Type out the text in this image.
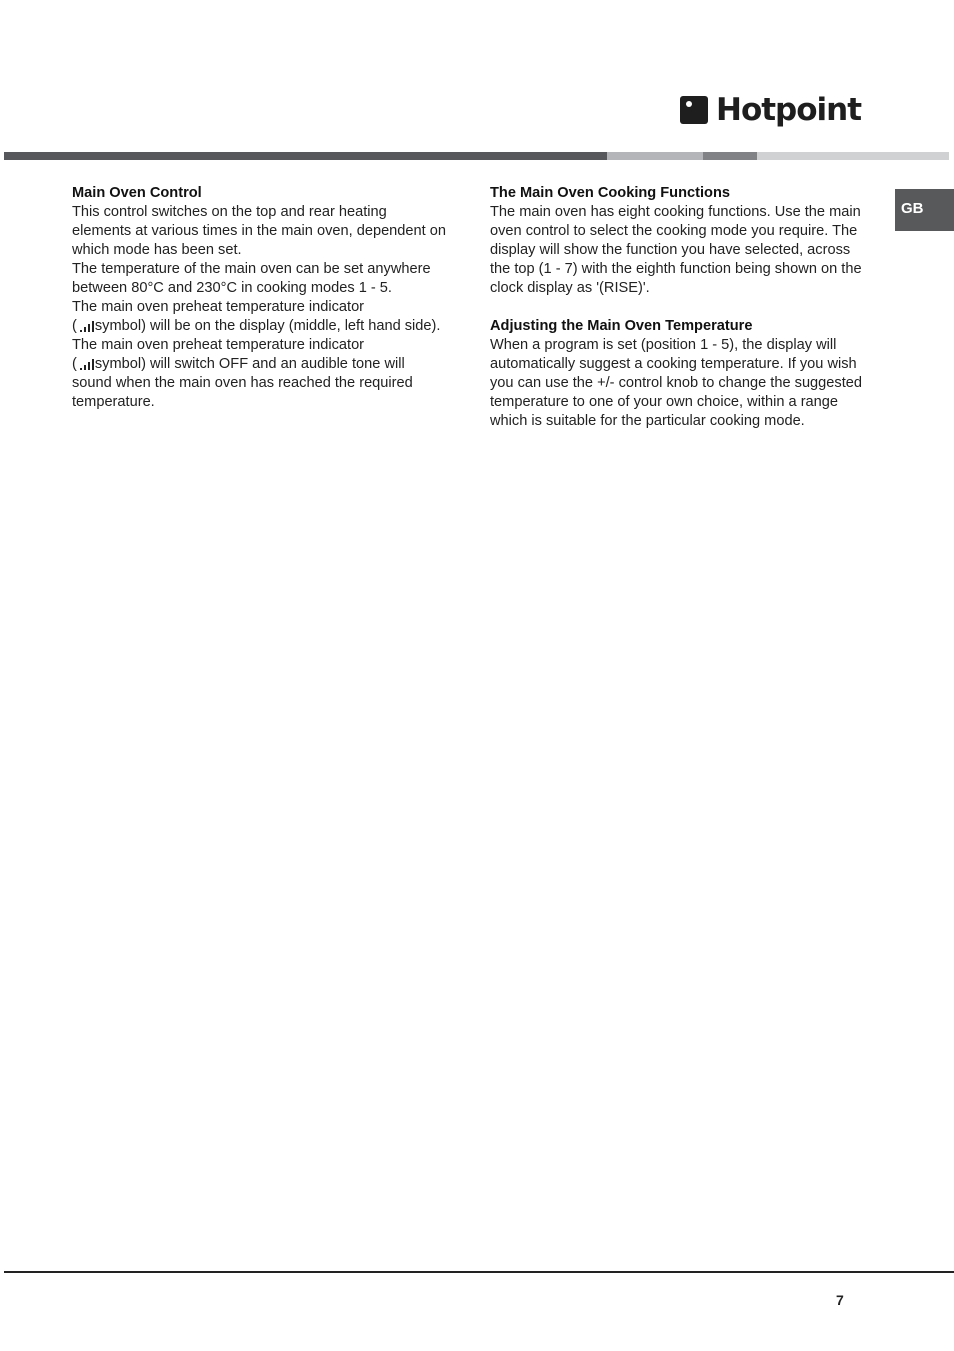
Hotpoint
GB
Main Oven Control

This control switches on the top and rear heating elements at various times in the main oven, dependent on which mode has been set.

The temperature of the main oven can be set anywhere between 80°C and 230°C in cooking modes 1 - 5.

The main oven preheat temperature indicator
( symbol) will be on the display (middle, left hand side).

The main oven preheat temperature indicator
( symbol) will switch OFF and an audible tone will sound when the main oven has reached the required temperature.

The Main Oven Cooking Functions

The main oven has eight cooking functions. Use the main oven control to select the cooking mode you require. The display will show the function you have selected, across the top (1 - 7) with the eighth function being shown on the clock display as '(RISE)'.

Adjusting the Main Oven Temperature

When a program is set (position 1 - 5), the display will automatically suggest a cooking temperature. If you wish you can use the +/- control knob to change the suggested temperature to one of your own choice, within a range which is suitable for the particular cooking mode.

7
